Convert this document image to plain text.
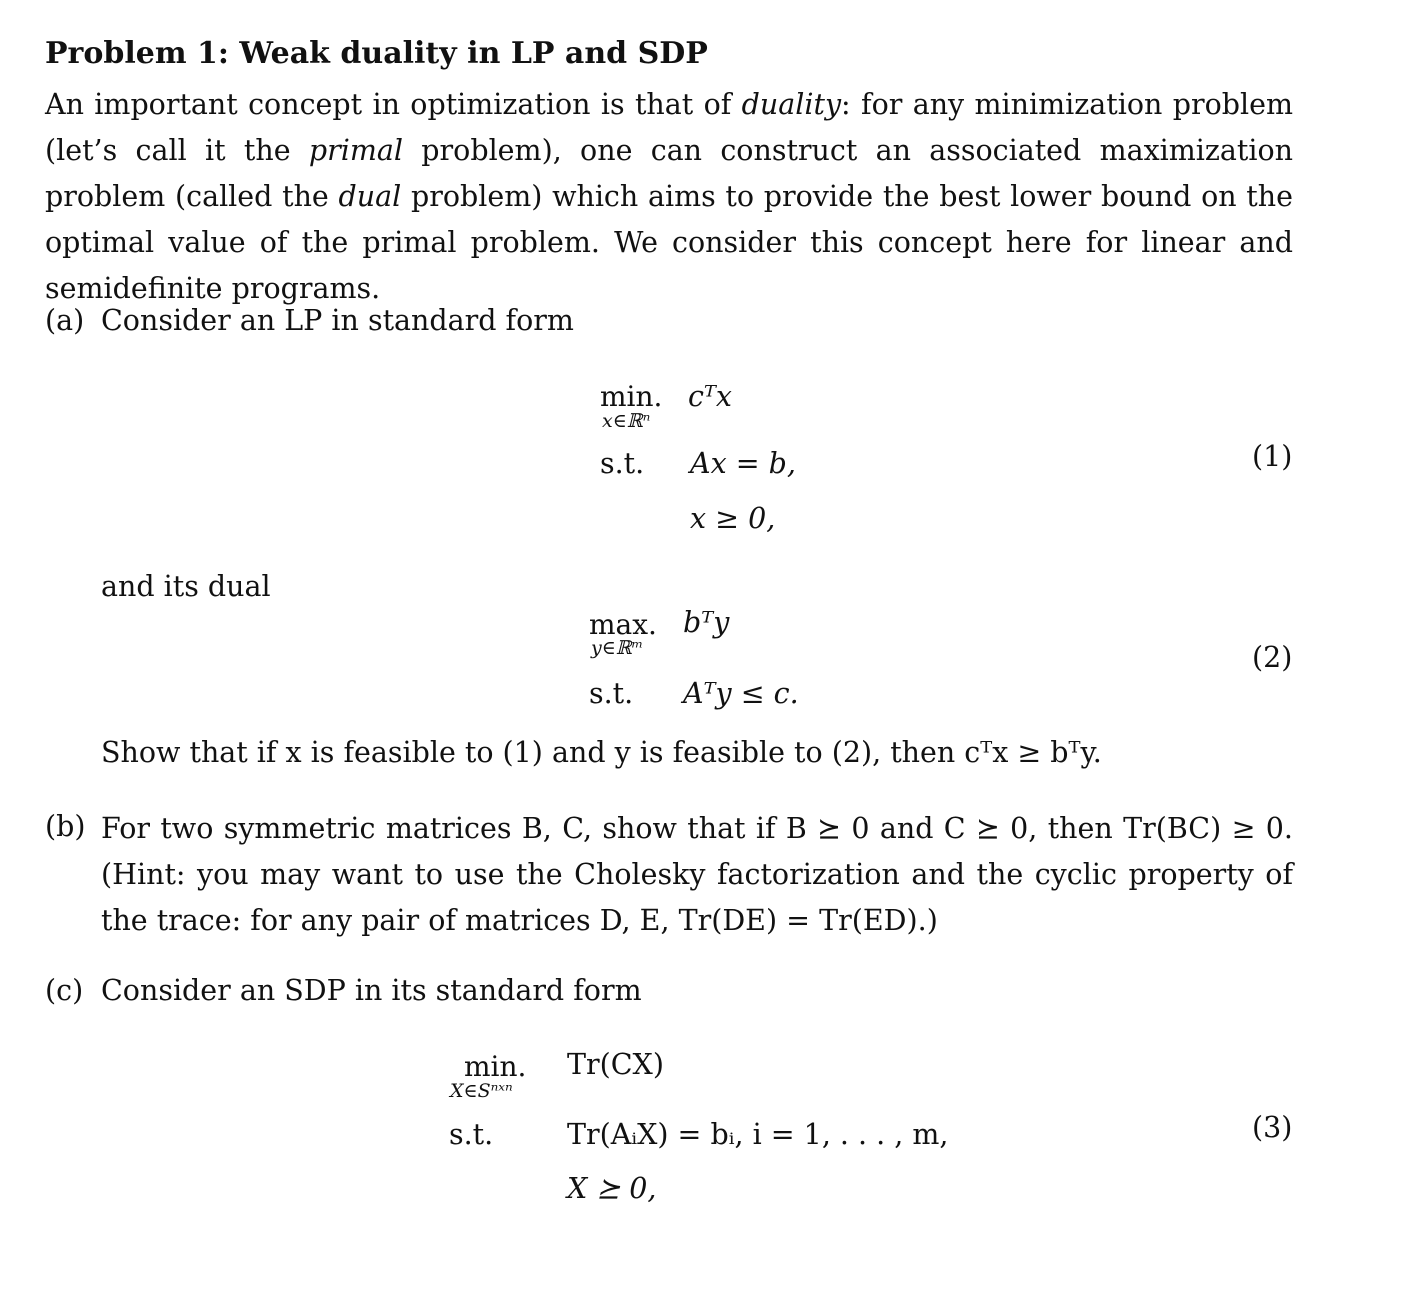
Problem 1: Weak duality in LP and SDP
An important concept in optimization is that of duality: for any minimization problem (let’s call it the primal problem), one can construct an associated maximization problem (called the dual problem) which aims to provide the best lower bound on the optimal value of the primal problem. We consider this concept here for linear and semidefinite programs.
(a) Consider an LP in standard form
min.
x∈ℝⁿ
cᵀx
s.t. Ax = b,
x ≥ 0,
(1)
and its dual
max.
y∈ℝᵐ
bᵀy
s.t. Aᵀy ≤ c.
(2)
Show that if x is feasible to (1) and y is feasible to (2), then cᵀx ≥ bᵀy.
(b) For two symmetric matrices B, C, show that if B ⪰ 0 and C ⪰ 0, then Tr(BC) ≥ 0. (Hint: you may want to use the Cholesky factorization and the cyclic property of the trace: for any pair of matrices D, E, Tr(DE) = Tr(ED).)
(c) Consider an SDP in its standard form
min.
X∈Sⁿˣⁿ
Tr(CX)
s.t.	Tr(AᵢX) = bᵢ, i = 1, . . . , m,
X ⪰ 0,
(3)
